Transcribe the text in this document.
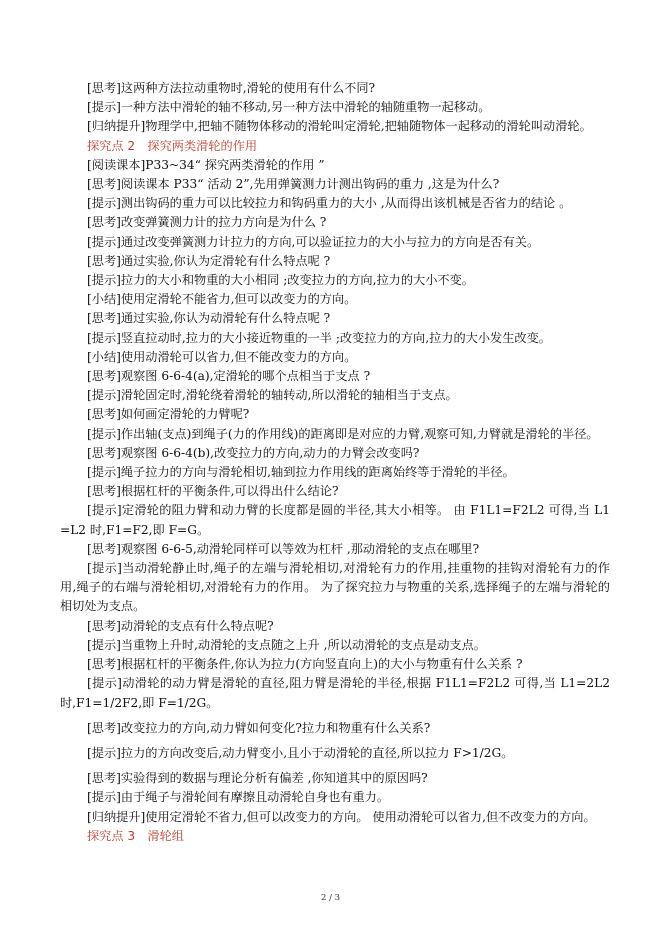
[思考]这两种方法拉动重物时,滑轮的使用有什么不同?
[提示]一种方法中滑轮的轴不移动,另一种方法中滑轮的轴随重物一起移动。
[归纳提升]物理学中,把轴不随物体移动的滑轮叫定滑轮,把轴随物体一起移动的滑轮叫动滑轮。
探究点 2　探究两类滑轮的作用
[阅读课本]P33~34“ 探究两类滑轮的作用 ”
[思考]阅读课本 P33“ 活动 2”,先用弹簧测力计测出钩码的重力 ,这是为什么?
[提示]测出钩码的重力可以比较拉力和钩码重力的大小 ,从而得出该机械是否省力的结论 。
[思考]改变弹簧测力计的拉力方向是为什么 ?
[提示]通过改变弹簧测力计拉力的方向,可以验证拉力的大小与拉力的方向是否有关。
[思考]通过实验,你认为定滑轮有什么特点呢 ?
[提示]拉力的大小和物重的大小相同 ;改变拉力的方向,拉力的大小不变。
[小结]使用定滑轮不能省力,但可以改变力的方向。
[思考]通过实验,你认为动滑轮有什么特点呢 ?
[提示]竖直拉动时,拉力的大小接近物重的一半 ;改变拉力的方向,拉力的大小发生改变。
[小结]使用动滑轮可以省力,但不能改变力的方向。
[思考]观察图 6-6-4(a),定滑轮的哪个点相当于支点 ?
[提示]滑轮固定时,滑轮绕着滑轮的轴转动,所以滑轮的轴相当于支点。
[思考]如何画定滑轮的力臂呢?
[提示]作出轴(支点)到绳子(力的作用线)的距离即是对应的力臂,观察可知,力臂就是滑轮的半径。
[思考]观察图 6-6-4(b),改变拉力的方向,动力的力臂会改变吗?
[提示]绳子拉力的方向与滑轮相切,轴到拉力作用线的距离始终等于滑轮的半径。
[思考]根据杠杆的平衡条件,可以得出什么结论?
[提示]定滑轮的阻力臂和动力臂的长度都是圆的半径,其大小相等。 由 F1L1=F2L2 可得,当 L1=L2 时,F1=F2,即 F=G。
[思考]观察图 6-6-5,动滑轮同样可以等效为杠杆 ,那动滑轮的支点在哪里?
[提示]当动滑轮静止时,绳子的左端与滑轮相切,对滑轮有力的作用,挂重物的挂钩对滑轮有力的作用,绳子的右端与滑轮相切,对滑轮有力的作用。 为了探究拉力与物重的关系,选择绳子的左端与滑轮的相切处为支点。
[思考]动滑轮的支点有什么特点呢?
[提示]当重物上升时,动滑轮的支点随之上升 ,所以动滑轮的支点是动支点。
[思考]根据杠杆的平衡条件,你认为拉力(方向竖直向上)的大小与物重有什么关系 ?
[提示]动滑轮的动力臂是滑轮的直径,阻力臂是滑轮的半径,根据 F1L1=F2L2 可得,当 L1=2L2 时,F1=1/2F2,即 F=1/2G。
[思考]改变拉力的方向,动力臂如何变化?拉力和物重有什么关系?
[提示]拉力的方向改变后,动力臂变小,且小于动滑轮的直径,所以拉力 F>1/2G。
[思考]实验得到的数据与理论分析有偏差 ,你知道其中的原因吗?
[提示]由于绳子与滑轮间有摩擦且动滑轮自身也有重力。
[归纳提升]使用定滑轮不省力,但可以改变力的方向。 使用动滑轮可以省力,但不改变力的方向。
探究点 3　滑轮组
2 / 3
